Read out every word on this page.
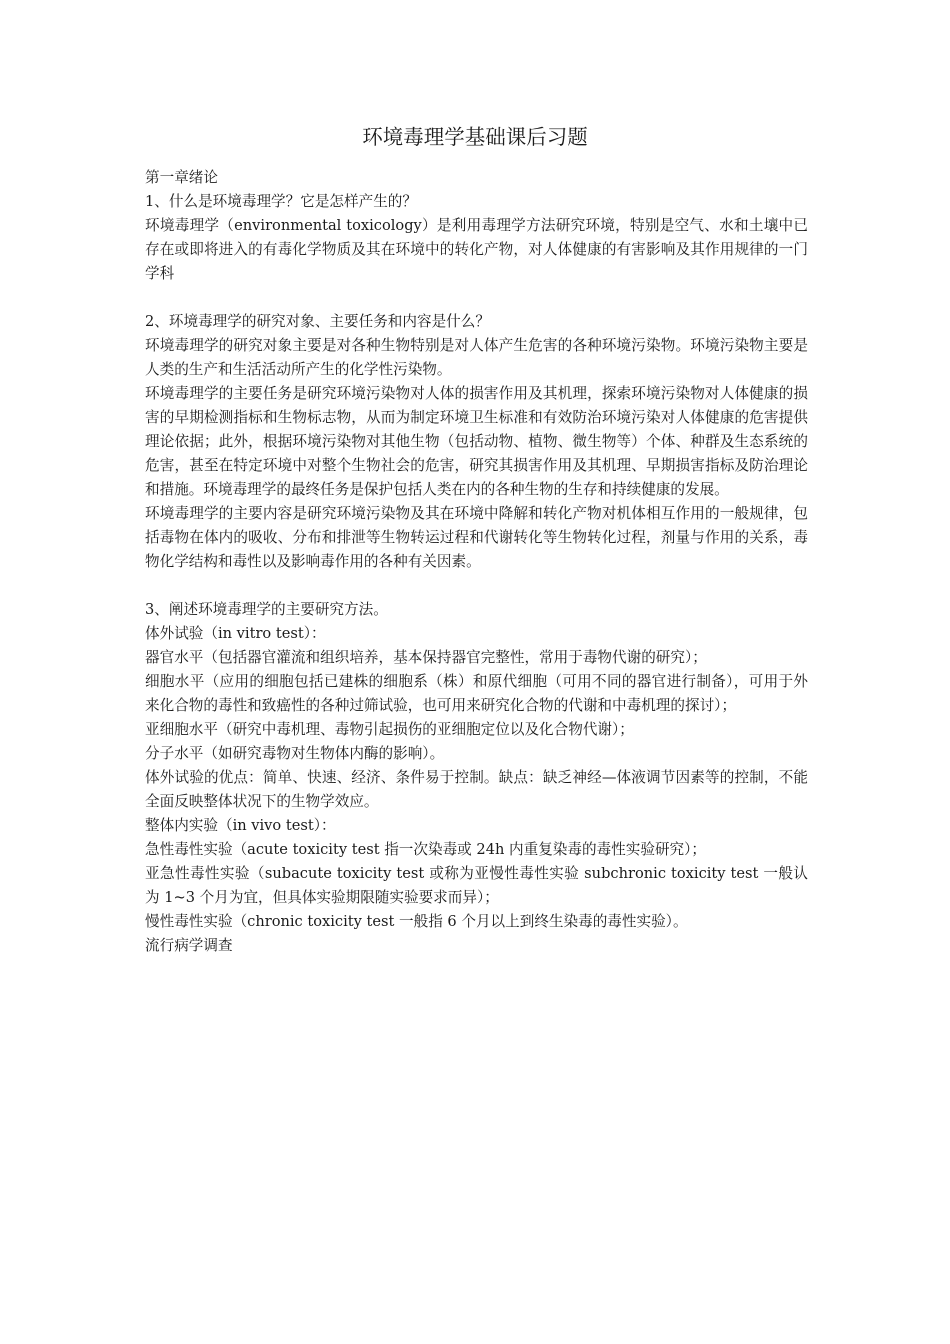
环境毒理学基础课后习题

第一章绪论

1、什么是环境毒理学？它是怎样产生的？

环境毒理学（environmental toxicology）是利用毒理学方法研究环境，特别是空气、水和土壤中已存在或即将进入的有毒化学物质及其在环境中的转化产物，对人体健康的有害影响及其作用规律的一门学科

2、环境毒理学的研究对象、主要任务和内容是什么？

环境毒理学的研究对象主要是对各种生物特别是对人体产生危害的各种环境污染物。环境污染物主要是人类的生产和生活活动所产生的化学性污染物。

环境毒理学的主要任务是研究环境污染物对人体的损害作用及其机理，探索环境污染物对人体健康的损害的早期检测指标和生物标志物，从而为制定环境卫生标准和有效防治环境污染对人体健康的危害提供理论依据；此外，根据环境污染物对其他生物（包括动物、植物、微生物等）个体、种群及生态系统的危害，甚至在特定环境中对整个生物社会的危害，研究其损害作用及其机理、早期损害指标及防治理论和措施。环境毒理学的最终任务是保护包括人类在内的各种生物的生存和持续健康的发展。

环境毒理学的主要内容是研究环境污染物及其在环境中降解和转化产物对机体相互作用的一般规律，包括毒物在体内的吸收、分布和排泄等生物转运过程和代谢转化等生物转化过程，剂量与作用的关系，毒物化学结构和毒性以及影响毒作用的各种有关因素。

3、阐述环境毒理学的主要研究方法。

体外试验（in vitro test）：

器官水平（包括器官灌流和组织培养，基本保持器官完整性，常用于毒物代谢的研究）；

细胞水平（应用的细胞包括已建株的细胞系（株）和原代细胞（可用不同的器官进行制备），可用于外来化合物的毒性和致癌性的各种过筛试验，也可用来研究化合物的代谢和中毒机理的探讨）；

亚细胞水平（研究中毒机理、毒物引起损伤的亚细胞定位以及化合物代谢）；

分子水平（如研究毒物对生物体内酶的影响）。

体外试验的优点：简单、快速、经济、条件易于控制。缺点：缺乏神经—体液调节因素等的控制，不能全面反映整体状况下的生物学效应。

整体内实验（in vivo test）：

急性毒性实验（acute toxicity test 指一次染毒或 24h 内重复染毒的毒性实验研究）；

亚急性毒性实验（subacute toxicity test 或称为亚慢性毒性实验 subchronic toxicity test 一般认为 1~3 个月为宜，但具体实验期限随实验要求而异）；

慢性毒性实验（chronic toxicity test 一般指 6 个月以上到终生染毒的毒性实验）。

流行病学调查
